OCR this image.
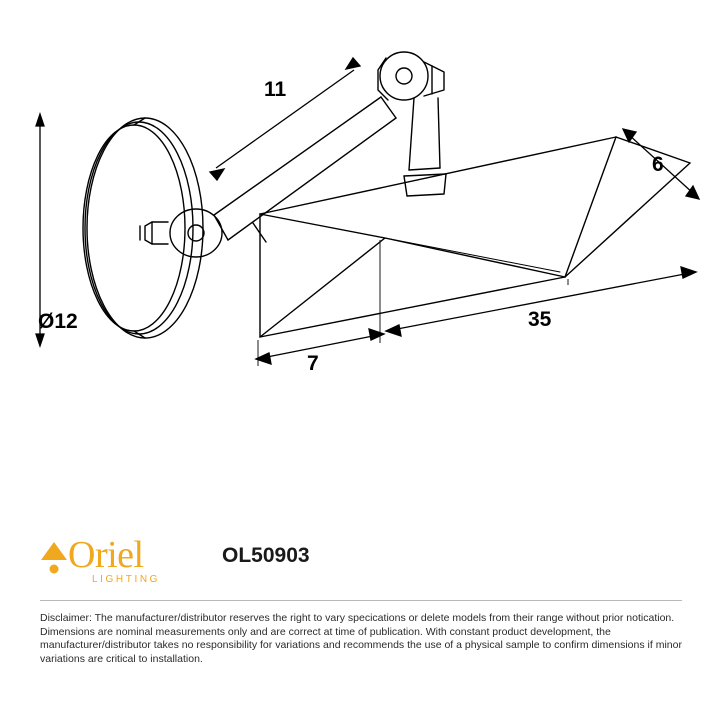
11
6
35
7
Ø12
Oriel
LIGHTING
OL50903
Disclaimer: The manufacturer/distributor reserves the right to vary specications or delete models from their range without prior notication. Dimensions are nominal measurements only and are correct at time of publication. With constant product development, the manufacturer/distributor takes no responsibility for variations and recommends the use of a physical sample to confirm dimensions if minor variations are critical to installation.
